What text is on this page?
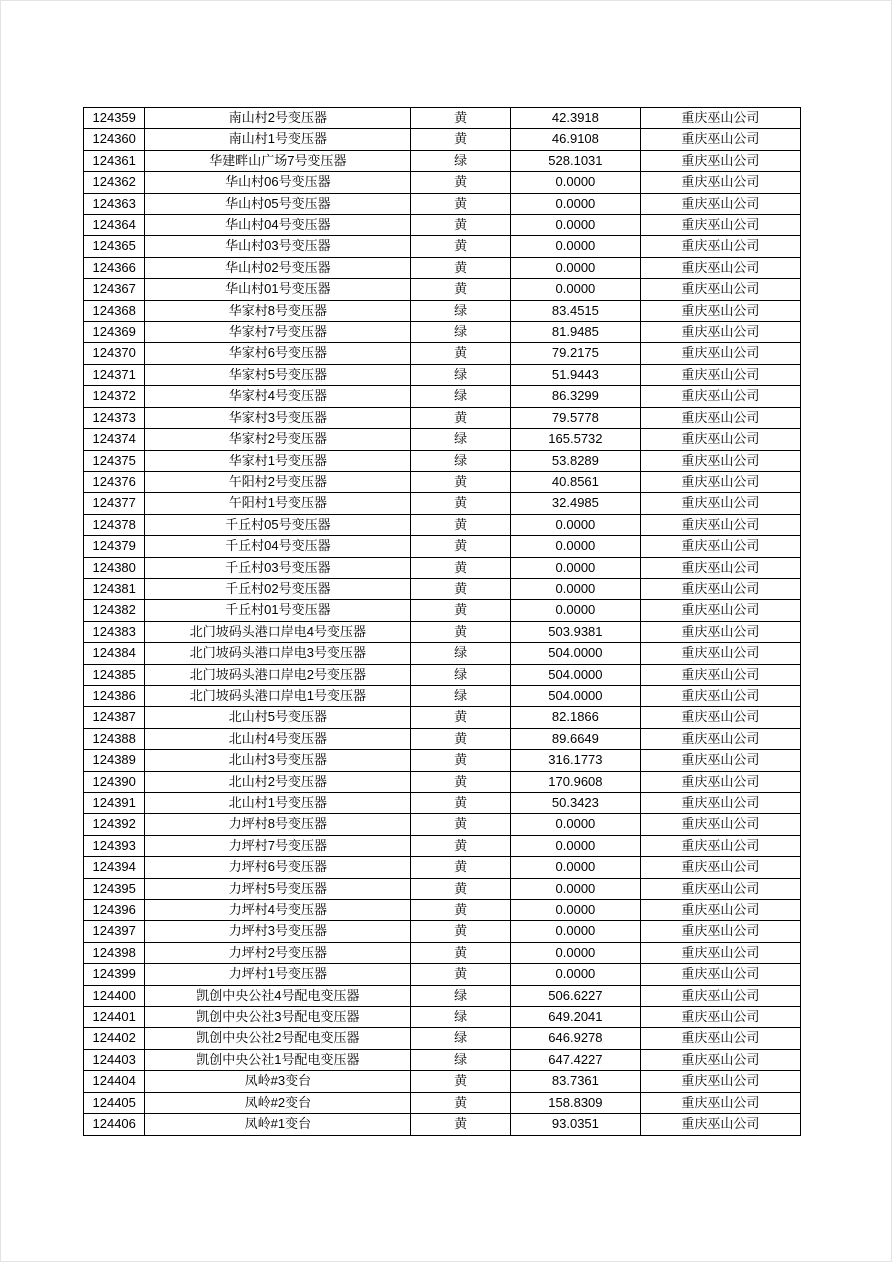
124359	南山村2号变压器	黄	42.3918	重庆巫山公司
124360	南山村1号变压器	黄	46.9108	重庆巫山公司
124361	华建畔山广场7号变压器	绿	528.1031	重庆巫山公司
124362	华山村06号变压器	黄	0.0000	重庆巫山公司
124363	华山村05号变压器	黄	0.0000	重庆巫山公司
124364	华山村04号变压器	黄	0.0000	重庆巫山公司
124365	华山村03号变压器	黄	0.0000	重庆巫山公司
124366	华山村02号变压器	黄	0.0000	重庆巫山公司
124367	华山村01号变压器	黄	0.0000	重庆巫山公司
124368	华家村8号变压器	绿	83.4515	重庆巫山公司
124369	华家村7号变压器	绿	81.9485	重庆巫山公司
124370	华家村6号变压器	黄	79.2175	重庆巫山公司
124371	华家村5号变压器	绿	51.9443	重庆巫山公司
124372	华家村4号变压器	绿	86.3299	重庆巫山公司
124373	华家村3号变压器	黄	79.5778	重庆巫山公司
124374	华家村2号变压器	绿	165.5732	重庆巫山公司
124375	华家村1号变压器	绿	53.8289	重庆巫山公司
124376	午阳村2号变压器	黄	40.8561	重庆巫山公司
124377	午阳村1号变压器	黄	32.4985	重庆巫山公司
124378	千丘村05号变压器	黄	0.0000	重庆巫山公司
124379	千丘村04号变压器	黄	0.0000	重庆巫山公司
124380	千丘村03号变压器	黄	0.0000	重庆巫山公司
124381	千丘村02号变压器	黄	0.0000	重庆巫山公司
124382	千丘村01号变压器	黄	0.0000	重庆巫山公司
124383	北门坡码头港口岸电4号变压器	黄	503.9381	重庆巫山公司
124384	北门坡码头港口岸电3号变压器	绿	504.0000	重庆巫山公司
124385	北门坡码头港口岸电2号变压器	绿	504.0000	重庆巫山公司
124386	北门坡码头港口岸电1号变压器	绿	504.0000	重庆巫山公司
124387	北山村5号变压器	黄	82.1866	重庆巫山公司
124388	北山村4号变压器	黄	89.6649	重庆巫山公司
124389	北山村3号变压器	黄	316.1773	重庆巫山公司
124390	北山村2号变压器	黄	170.9608	重庆巫山公司
124391	北山村1号变压器	黄	50.3423	重庆巫山公司
124392	力坪村8号变压器	黄	0.0000	重庆巫山公司
124393	力坪村7号变压器	黄	0.0000	重庆巫山公司
124394	力坪村6号变压器	黄	0.0000	重庆巫山公司
124395	力坪村5号变压器	黄	0.0000	重庆巫山公司
124396	力坪村4号变压器	黄	0.0000	重庆巫山公司
124397	力坪村3号变压器	黄	0.0000	重庆巫山公司
124398	力坪村2号变压器	黄	0.0000	重庆巫山公司
124399	力坪村1号变压器	黄	0.0000	重庆巫山公司
124400	凯创中央公社4号配电变压器	绿	506.6227	重庆巫山公司
124401	凯创中央公社3号配电变压器	绿	649.2041	重庆巫山公司
124402	凯创中央公社2号配电变压器	绿	646.9278	重庆巫山公司
124403	凯创中央公社1号配电变压器	绿	647.4227	重庆巫山公司
124404	凤岭#3变台	黄	83.7361	重庆巫山公司
124405	凤岭#2变台	黄	158.8309	重庆巫山公司
124406	凤岭#1变台	黄	93.0351	重庆巫山公司
